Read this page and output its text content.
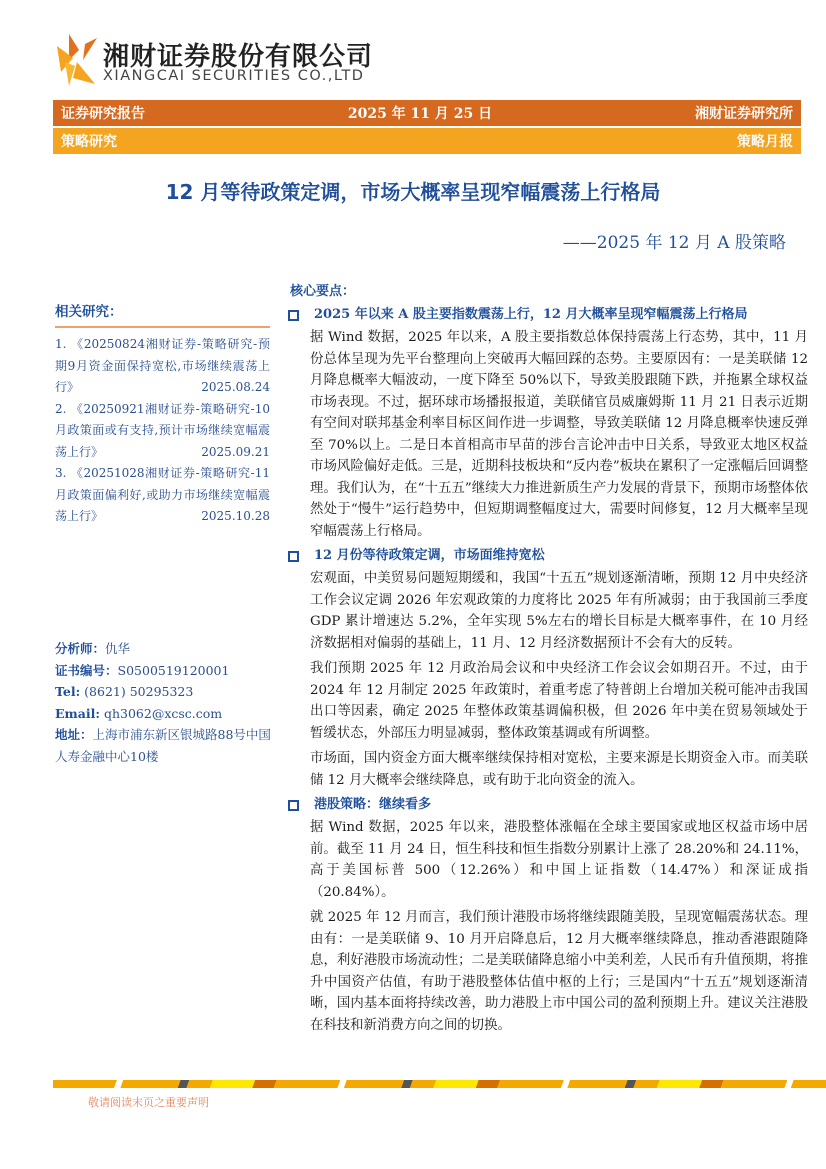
湘财证券股份有限公司
XIANGCAI SECURITIES CO.,LTD
证券研究报告	2025 年 11 月 25 日	湘财证券研究所
策略研究	策略月报
12 月等待政策定调，市场大概率呈现窄幅震荡上行格局
——2025 年 12 月 A 股策略
相关研究：
1. 《20250824湘财证券-策略研究-预期9月资金面保持宽松,市场继续震荡上行》	2025.08.24
2. 《20250921湘财证券-策略研究-10月政策面或有支持,预计市场继续宽幅震荡上行》	2025.09.21
3. 《20251028湘财证券-策略研究-11月政策面偏利好,或助力市场继续宽幅震荡上行》	2025.10.28
分析师：仇华
证书编号：S0500519120001
Tel: (8621) 50295323
Email: qh3062@xcsc.com
地址：上海市浦东新区银城路88号中国人寿金融中心10楼
核心要点：
2025 年以来 A 股主要指数震荡上行，12 月大概率呈现窄幅震荡上行格局

据 Wind 数据，2025 年以来，A 股主要指数总体保持震荡上行态势，其中，11 月份总体呈现为先平台整理向上突破再大幅回踩的态势。主要原因有：一是美联储 12 月降息概率大幅波动，一度下降至 50%以下，导致美股跟随下跌，并拖累全球权益市场表现。不过，据环球市场播报报道，美联储官员威廉姆斯 11 月 21 日表示近期有空间对联邦基金利率目标区间作进一步调整，导致美联储 12 月降息概率快速反弹至 70%以上。二是日本首相高市早苗的涉台言论冲击中日关系，导致亚太地区权益市场风险偏好走低。三是，近期科技板块和“反内卷”板块在累积了一定涨幅后回调整理。我们认为，在“十五五”继续大力推进新质生产力发展的背景下，预期市场整体依然处于“慢牛”运行趋势中，但短期调整幅度过大，需要时间修复，12 月大概率呈现窄幅震荡上行格局。

12 月份等待政策定调，市场面维持宽松

宏观面，中美贸易问题短期缓和，我国“十五五”规划逐渐清晰，预期 12 月中央经济工作会议定调 2026 年宏观政策的力度将比 2025 年有所减弱；由于我国前三季度 GDP 累计增速达 5.2%，全年实现 5%左右的增长目标是大概率事件，在 10 月经济数据相对偏弱的基础上，11 月、12 月经济数据预计不会有大的反转。

我们预期 2025 年 12 月政治局会议和中央经济工作会议会如期召开。不过，由于 2024 年 12 月制定 2025 年政策时，着重考虑了特普朗上台增加关税可能冲击我国出口等因素，确定 2025 年整体政策基调偏积极，但 2026 年中美在贸易领域处于暂缓状态，外部压力明显减弱，整体政策基调或有所调整。

市场面，国内资金方面大概率继续保持相对宽松，主要来源是长期资金入市。而美联储 12 月大概率会继续降息，或有助于北向资金的流入。

港股策略：继续看多

据 Wind 数据，2025 年以来，港股整体涨幅在全球主要国家或地区权益市场中居前。截至 11 月 24 日，恒生科技和恒生指数分别累计上涨了 28.20%和 24.11%，高于美国标普 500（12.26%）和中国上证指数（14.47%）和深证成指（20.84%）。

就 2025 年 12 月而言，我们预计港股市场将继续跟随美股，呈现宽幅震荡状态。理由有：一是美联储 9、10 月开启降息后，12 月大概率继续降息，推动香港跟随降息，利好港股市场流动性；二是美联储降息缩小中美利差，人民币有升值预期，将推升中国资产估值，有助于港股整体估值中枢的上行；三是国内“十五五”规划逐渐清晰，国内基本面将持续改善，助力港股上市中国公司的盈利预期上升。建议关注港股在科技和新消费方向之间的切换。

敬请阅读末页之重要声明
